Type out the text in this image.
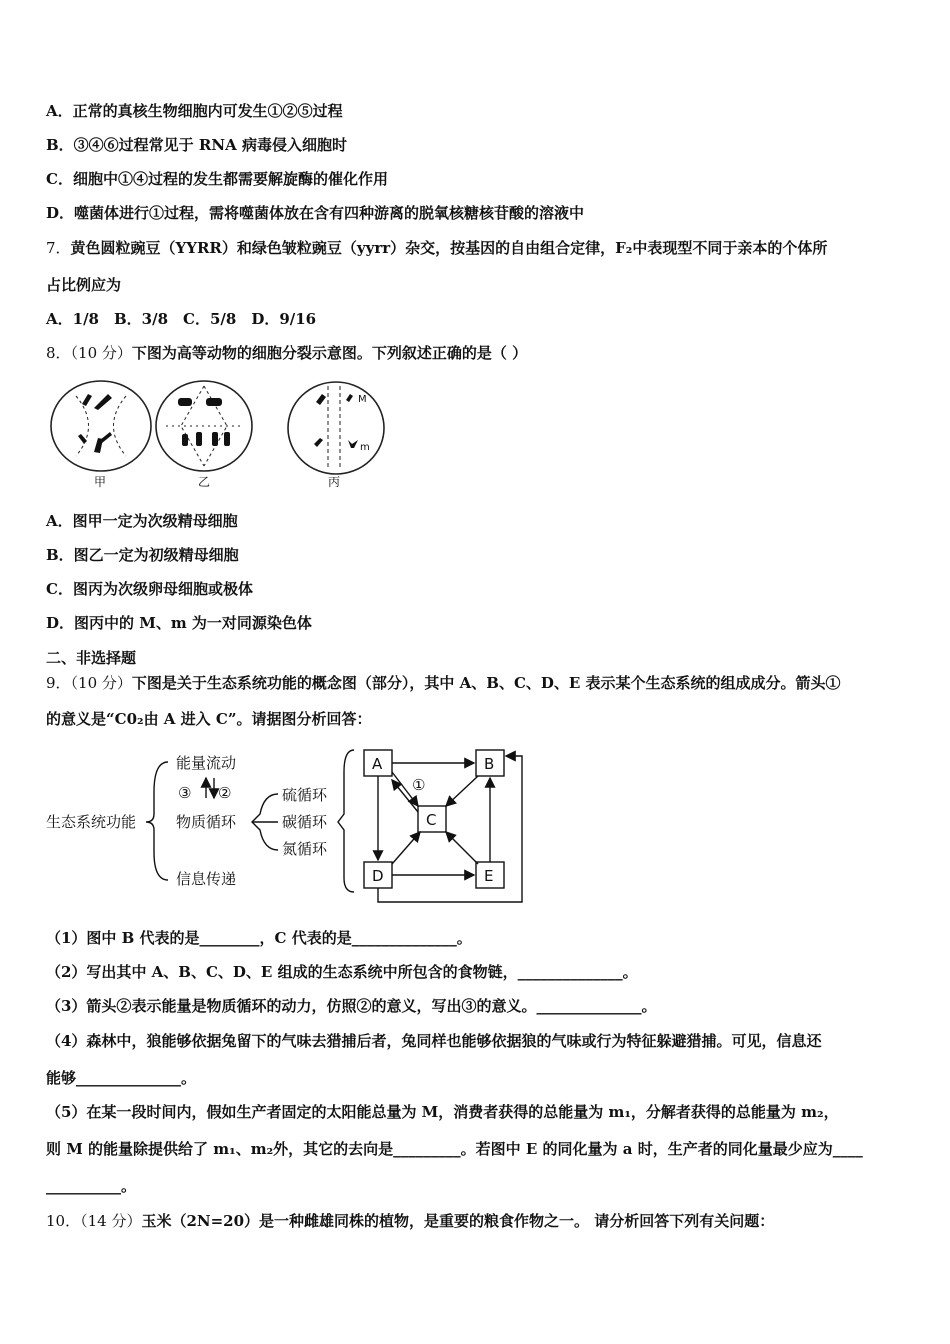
A．正常的真核生物细胞内可发生①②⑤过程
B．③④⑥过程常见于 RNA 病毒侵入细胞时
C．细胞中①④过程的发生都需要解旋酶的催化作用
D．噬菌体进行①过程，需将噬菌体放在含有四种游离的脱氧核糖核苷酸的溶液中
7．黄色圆粒豌豆（YYRR）和绿色皱粒豌豆（yyrr）杂交，按基因的自由组合定律，F₂中表现型不同于亲本的个体所
占比例应为
A．1/8　B．3/8　C．5/8　D．9/16
8．（10 分）下图为高等动物的细胞分裂示意图。下列叙述正确的是（ ）
M
m
甲	乙	丙
A．图甲一定为次级精母细胞
B．图乙一定为初级精母细胞
C．图丙为次级卵母细胞或极体
D．图丙中的 M、m 为一对同源染色体
二、非选择题
9．（10 分）下图是关于生态系统功能的概念图（部分），其中 A、B、C、D、E 表示某个生态系统的组成成分。箭头①
的意义是“C0₂由 A 进入 C”。请据图分析回答：
生态系统功能
能量流动
③ ②
物质循环
信息传递
硫循环
碳循环
氮循环
A	B
C
D	E
①
（1）图中 B 代表的是________，C 代表的是______________。
（2）写出其中 A、B、C、D、E 组成的生态系统中所包含的食物链，______________。
（3）箭头②表示能量是物质循环的动力，仿照②的意义，写出③的意义。______________。
（4）森林中，狼能够依据兔留下的气味去猎捕后者，兔同样也能够依据狼的气味或行为特征躲避猎捕。可见，信息还
能够______________。
（5）在某一段时间内，假如生产者固定的太阳能总量为 M，消费者获得的总能量为 m₁，分解者获得的总能量为 m₂，
则 M 的能量除提供给了 m₁、m₂外，其它的去向是_________。若图中 E 的同化量为 a 时，生产者的同化量最少应为____
__________。
10．（14 分）玉米（2N=20）是一种雌雄同株的植物，是重要的粮食作物之一。 请分析回答下列有关问题：
